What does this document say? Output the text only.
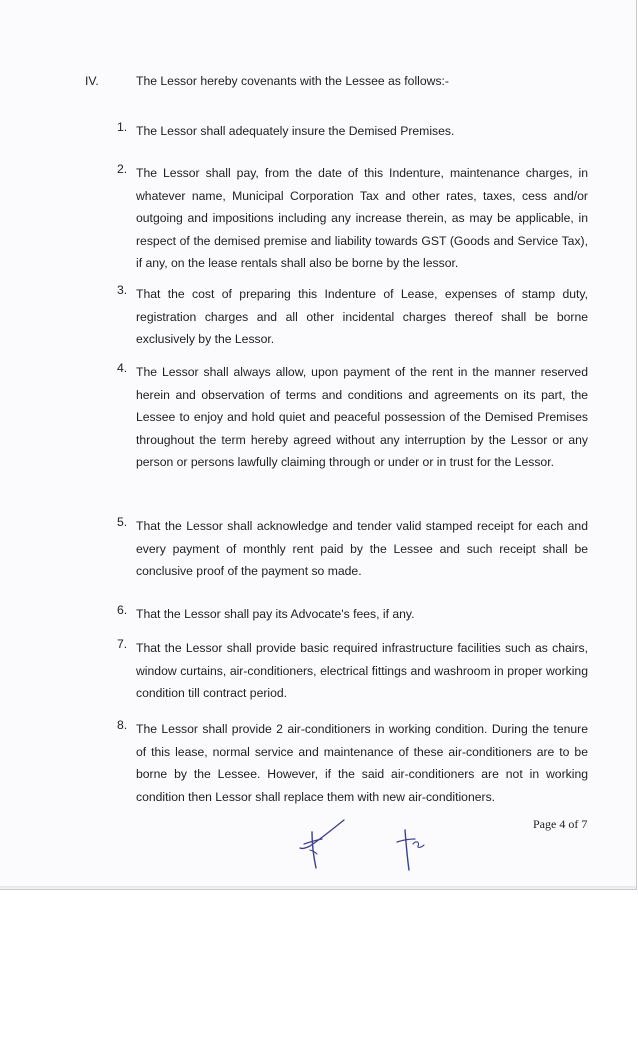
IV.	The Lessor hereby covenants with the Lessee as follows:-
1. The Lessor shall adequately insure the Demised Premises.

2. The Lessor shall pay, from the date of this Indenture, maintenance charges, in whatever name, Municipal Corporation Tax and other rates, taxes, cess and/or outgoing and impositions including any increase therein, as may be applicable, in respect of the demised premise and liability towards GST (Goods and Service Tax), if any, on the lease rentals shall also be borne by the lessor.

3. That the cost of preparing this Indenture of Lease, expenses of stamp duty, registration charges and all other incidental charges thereof shall be borne exclusively by the Lessor.

4. The Lessor shall always allow, upon payment of the rent in the manner reserved herein and observation of terms and conditions and agreements on its part, the Lessee to enjoy and hold quiet and peaceful possession of the Demised Premises throughout the term hereby agreed without any interruption by the Lessor or any person or persons lawfully claiming through or under or in trust for the Lessor.

5. That the Lessor shall acknowledge and tender valid stamped receipt for each and every payment of monthly rent paid by the Lessee and such receipt shall be conclusive proof of the payment so made.

6. That the Lessor shall pay its Advocate's fees, if any.

7. That the Lessor shall provide basic required infrastructure facilities such as chairs, window curtains, air-conditioners, electrical fittings and washroom in proper working condition till contract period.

8. The Lessor shall provide 2 air-conditioners in working condition. During the tenure of this lease, normal service and maintenance of these air-conditioners are to be borne by the Lessee. However, if the said air-conditioners are not in working condition then Lessor shall replace them with new air-conditioners.

Page 4 of 7
